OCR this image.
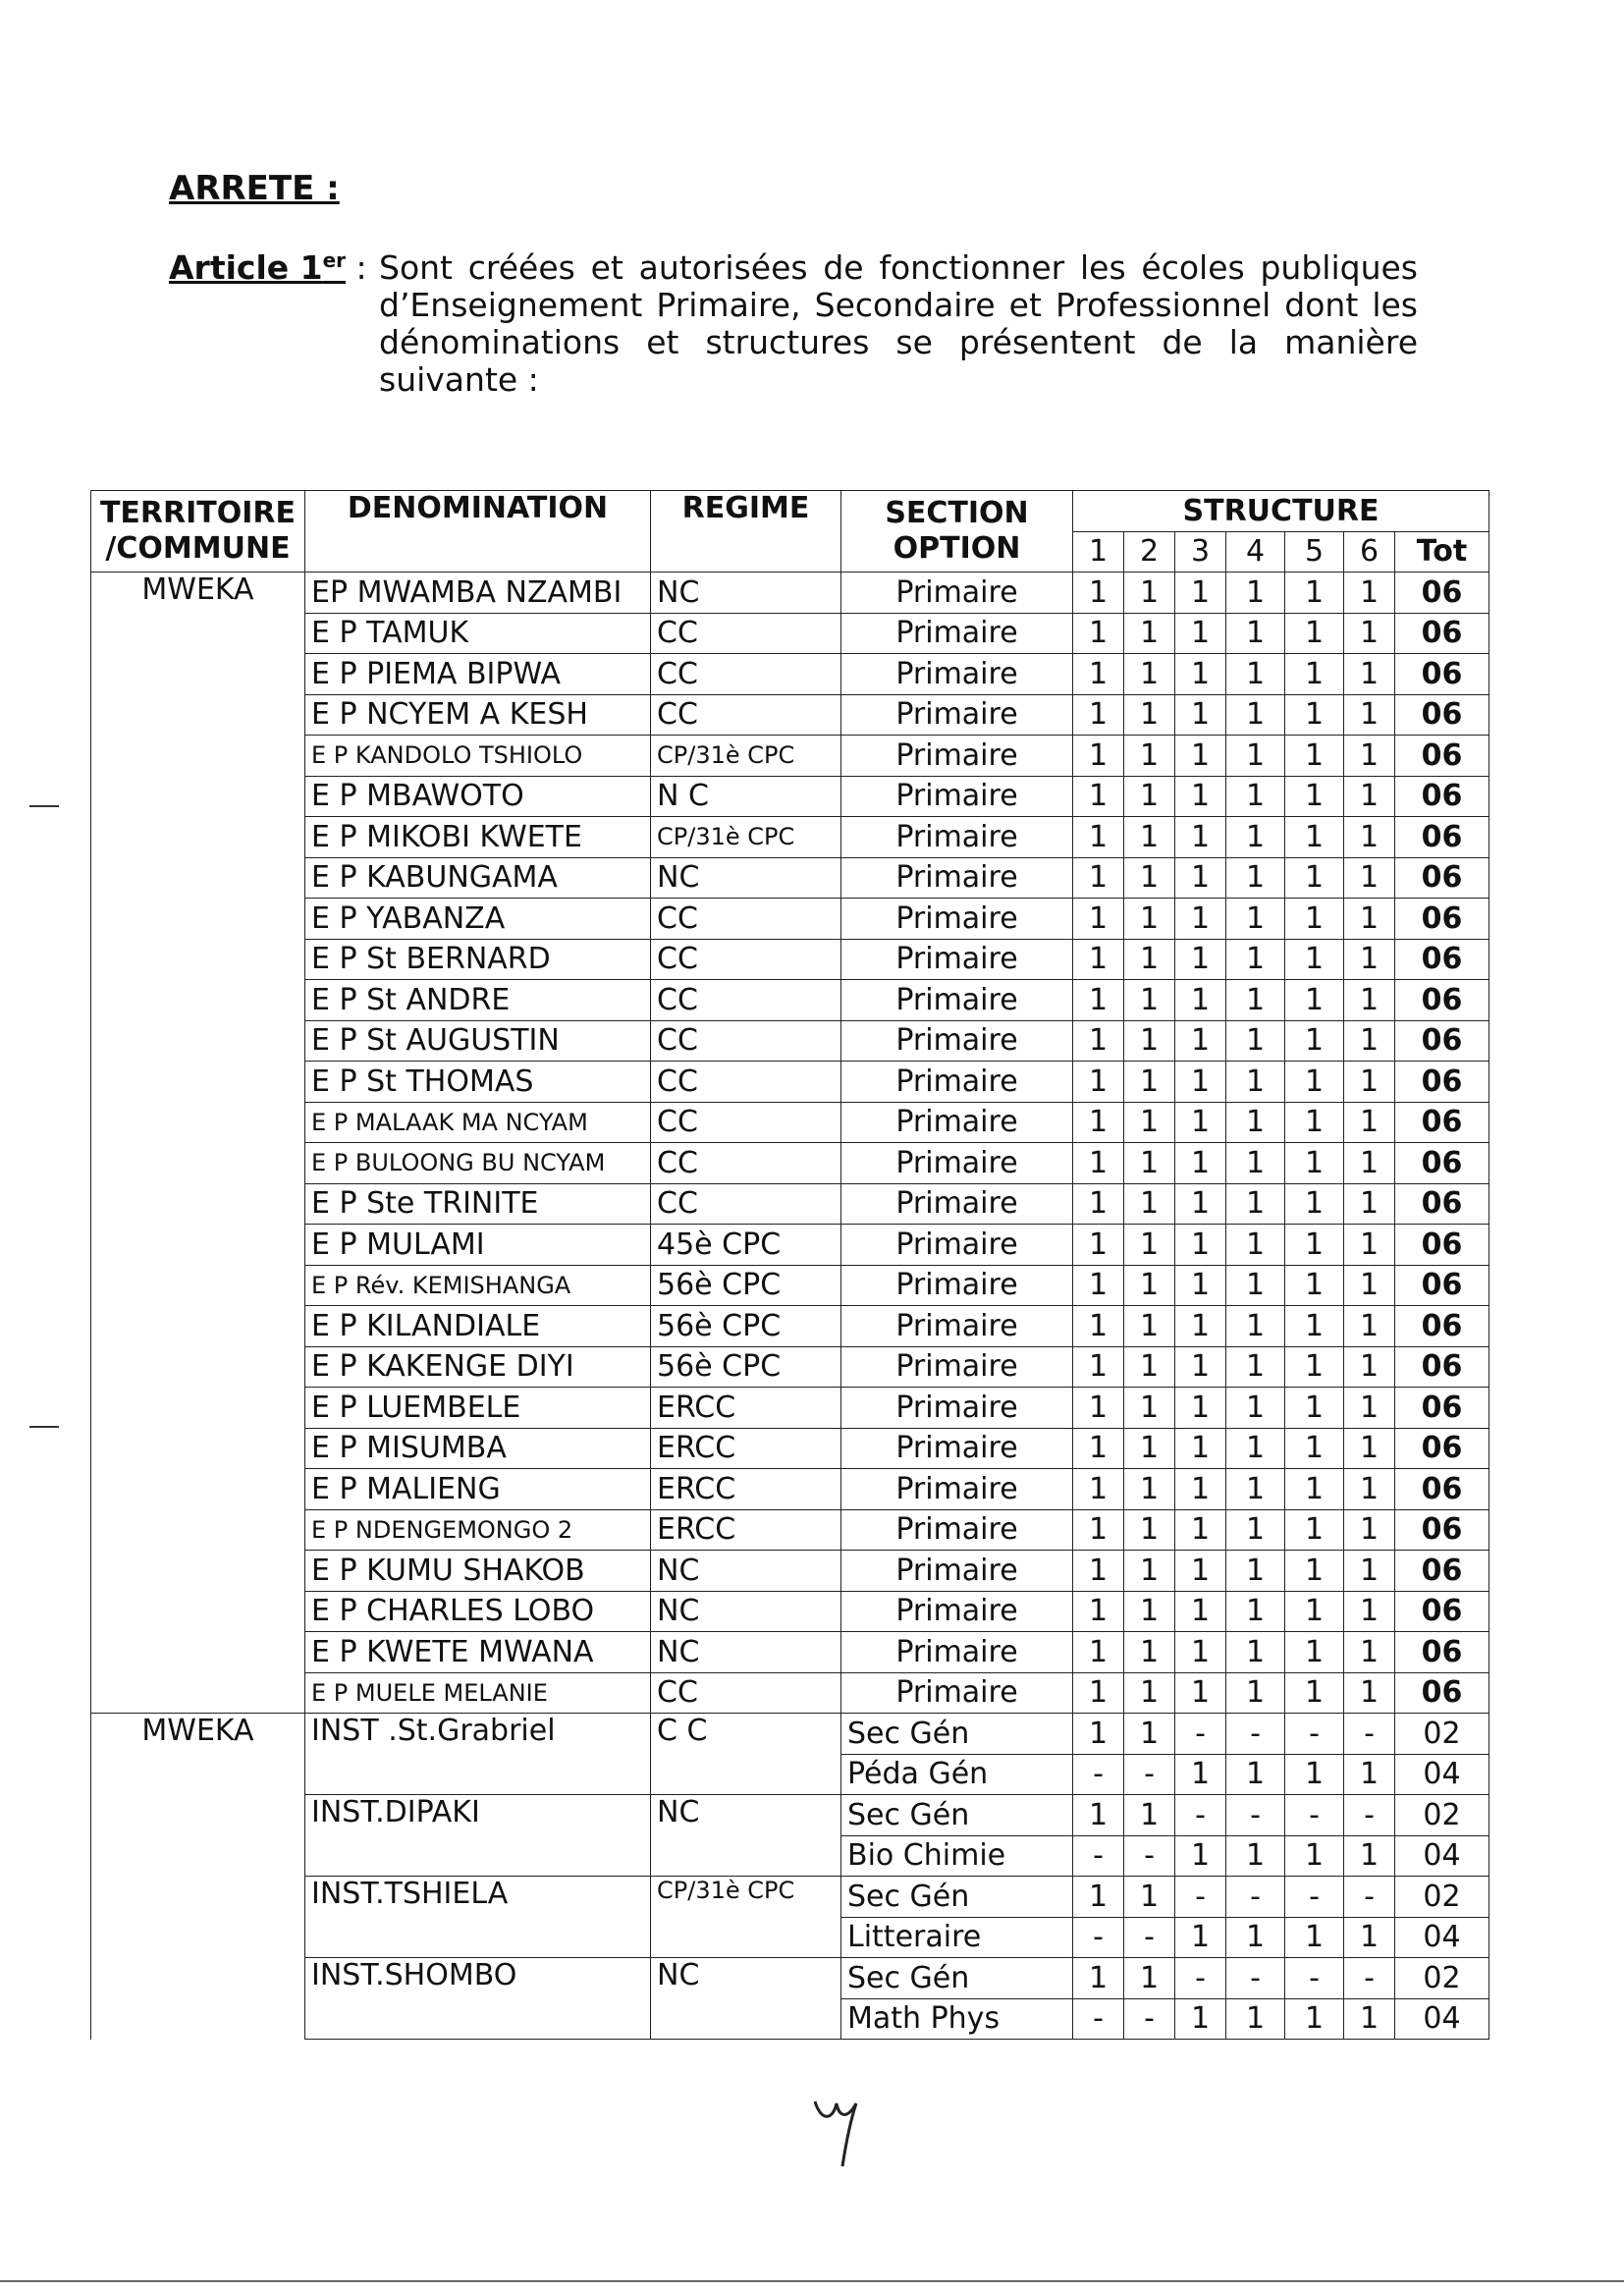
ARRETE :
Article 1er : Sont créées et autorisées de fonctionner les écoles publiques d’Enseignement Primaire, Secondaire et Professionnel dont les dénominations et structures se présentent de la manière suivante :
TERRITOIRE /COMMUNE	DENOMINATION	REGIME	SECTION OPTION	STRUCTURE						
				1	2	3	4	5	6	Tot
MWEKA	EP MWAMBA NZAMBI	NC	Primaire	1	1	1	1	1	1	06
	E P TAMUK	CC	Primaire	1	1	1	1	1	1	06
	E P PIEMA BIPWA	CC	Primaire	1	1	1	1	1	1	06
	E P NCYEM A KESH	CC	Primaire	1	1	1	1	1	1	06
	E P KANDOLO TSHIOLO	CP/31è CPC	Primaire	1	1	1	1	1	1	06
	E P MBAWOTO	N C	Primaire	1	1	1	1	1	1	06
	E P MIKOBI KWETE	CP/31è CPC	Primaire	1	1	1	1	1	1	06
	E P KABUNGAMA	NC	Primaire	1	1	1	1	1	1	06
	E P YABANZA	CC	Primaire	1	1	1	1	1	1	06
	E P St BERNARD	CC	Primaire	1	1	1	1	1	1	06
	E P St ANDRE	CC	Primaire	1	1	1	1	1	1	06
	E P St AUGUSTIN	CC	Primaire	1	1	1	1	1	1	06
	E P St THOMAS	CC	Primaire	1	1	1	1	1	1	06
	E P MALAAK MA NCYAM	CC	Primaire	1	1	1	1	1	1	06
	E P BULOONG BU NCYAM	CC	Primaire	1	1	1	1	1	1	06
	E P Ste TRINITE	CC	Primaire	1	1	1	1	1	1	06
	E P MULAMI	45è CPC	Primaire	1	1	1	1	1	1	06
	E P Rév. KEMISHANGA	56è CPC	Primaire	1	1	1	1	1	1	06
	E P KILANDIALE	56è CPC	Primaire	1	1	1	1	1	1	06
	E P KAKENGE DIYI	56è CPC	Primaire	1	1	1	1	1	1	06
	E P LUEMBELE	ERCC	Primaire	1	1	1	1	1	1	06
	E P MISUMBA	ERCC	Primaire	1	1	1	1	1	1	06
	E P MALIENG	ERCC	Primaire	1	1	1	1	1	1	06
	E P NDENGEMONGO 2	ERCC	Primaire	1	1	1	1	1	1	06
	E P KUMU SHAKOB	NC	Primaire	1	1	1	1	1	1	06
	E P CHARLES LOBO	NC	Primaire	1	1	1	1	1	1	06
	E P KWETE MWANA	NC	Primaire	1	1	1	1	1	1	06
	E P MUELE MELANIE	CC	Primaire	1	1	1	1	1	1	06
MWEKA	INST .St.Grabriel	C C	Sec Gén	1	1	-	-	-	-	02
			Péda Gén	-	-	1	1	1	1	04
	INST.DIPAKI	NC	Sec Gén	1	1	-	-	-	-	02
			Bio Chimie	-	-	1	1	1	1	04
	INST.TSHIELA	CP/31è CPC	Sec Gén	1	1	-	-	-	-	02
			Litteraire	-	-	1	1	1	1	04
	INST.SHOMBO	NC	Sec Gén	1	1	-	-	-	-	02
			Math Phys	-	-	1	1	1	1	04
